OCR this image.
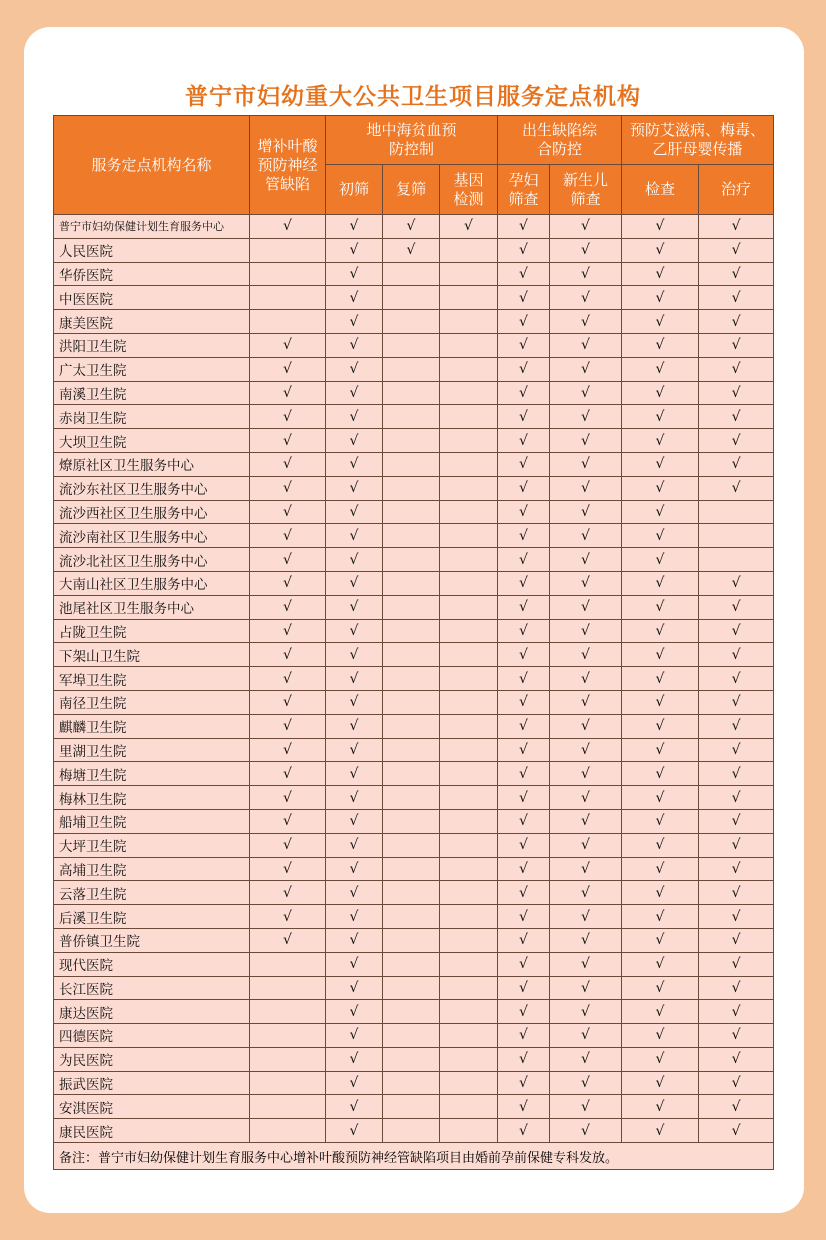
普宁市妇幼重大公共卫生项目服务定点机构
服务定点机构名称	增补叶酸预防神经管缺陷	地中海贫血预防控制			出生缺陷综合防控		预防艾滋病、梅毒、乙肝母婴传播	
		初筛	复筛	基因检测	孕妇筛查	新生儿筛查	检查	治疗
普宁市妇幼保健计划生育服务中心	√	√	√	√	√	√	√	√
人民医院		√	√		√	√	√	√
华侨医院		√			√	√	√	√
中医医院		√			√	√	√	√
康美医院		√			√	√	√	√
洪阳卫生院	√	√			√	√	√	√
广太卫生院	√	√			√	√	√	√
南溪卫生院	√	√			√	√	√	√
赤岗卫生院	√	√			√	√	√	√
大坝卫生院	√	√			√	√	√	√
燎原社区卫生服务中心	√	√			√	√	√	√
流沙东社区卫生服务中心	√	√			√	√	√	√
流沙西社区卫生服务中心	√	√			√	√	√	
流沙南社区卫生服务中心	√	√			√	√	√	
流沙北社区卫生服务中心	√	√			√	√	√	
大南山社区卫生服务中心	√	√			√	√	√	√
池尾社区卫生服务中心	√	√			√	√	√	√
占陇卫生院	√	√			√	√	√	√
下架山卫生院	√	√			√	√	√	√
军埠卫生院	√	√			√	√	√	√
南径卫生院	√	√			√	√	√	√
麒麟卫生院	√	√			√	√	√	√
里湖卫生院	√	√			√	√	√	√
梅塘卫生院	√	√			√	√	√	√
梅林卫生院	√	√			√	√	√	√
船埔卫生院	√	√			√	√	√	√
大坪卫生院	√	√			√	√	√	√
高埔卫生院	√	√			√	√	√	√
云落卫生院	√	√			√	√	√	√
后溪卫生院	√	√			√	√	√	√
普侨镇卫生院	√	√			√	√	√	√
现代医院		√			√	√	√	√
长江医院		√			√	√	√	√
康达医院		√			√	√	√	√
四德医院		√			√	√	√	√
为民医院		√			√	√	√	√
振武医院		√			√	√	√	√
安淇医院		√			√	√	√	√
康民医院		√			√	√	√	√
备注：普宁市妇幼保健计划生育服务中心增补叶酸预防神经管缺陷项目由婚前孕前保健专科发放。								
